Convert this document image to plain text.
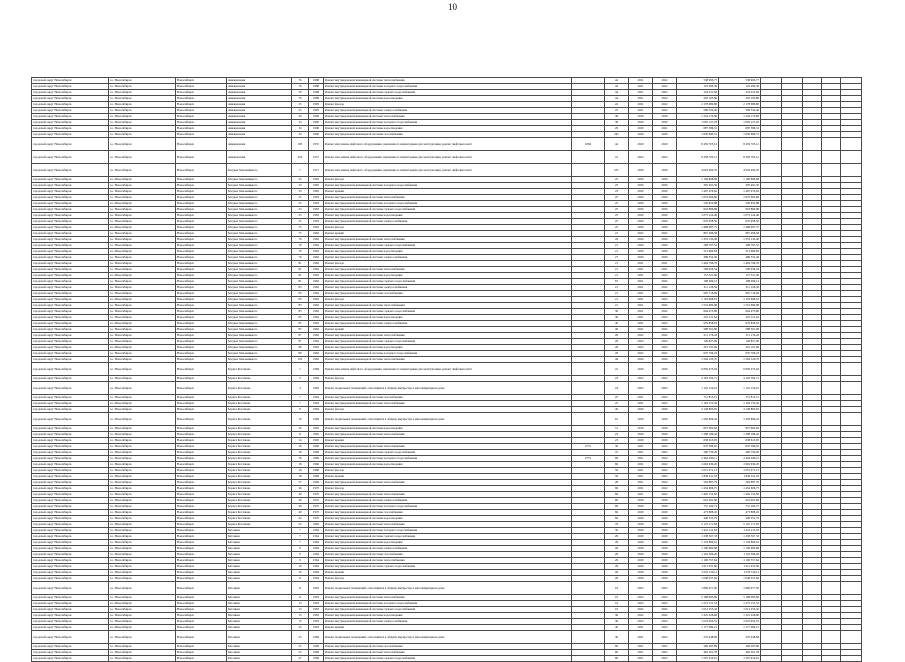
10
городской округ Новосибирск	г.о. Новосибирск	Новосибирск	Авиационная	76	1988	Ремонт внутридомовой инженерной системы теплоснабжения		44	2021	2022	538 993,77	538 993,77					
городской округ Новосибирск	г.о. Новосибирск	Новосибирск	Авиационная	76	1988	Ремонт внутридомовой инженерной системы холодного водоснабжения		44	2021	2022	122 090,39	122 090,39					
городской округ Новосибирск	г.о. Новосибирск	Новосибирск	Авиационная	76	1988	Ремонт внутридомовой инженерной системы горячего водоснабжения		44	2021	2022	224 011,82	224 011,82					
городской округ Новосибирск	г.о. Новосибирск	Новосибирск	Авиационная	76	1988	Ремонт внутридомовой инженерной системы водоотведения		44	2021	2022	203 103,80	203 103,80					
городской округ Новосибирск	г.о. Новосибирск	Новосибирск	Авиационная	25	1995	Ремонт фасада		24	2021	2022	2 178 689,80	2 178 689,80					
городской округ Новосибирск	г.о. Новосибирск	Новосибирск	Авиационная	25	1995	Ремонт внутридомовой инженерной системы электроснабжения		25	2021	2022	566 532,40	566 532,40					
городской округ Новосибирск	г.о. Новосибирск	Новосибирск	Авиационная	34	1990	Ремонт внутридомовой инженерной системы теплоснабжения		38	2020	2020	1 244 170,80	1 244 170,80					
городской округ Новосибирск	г.о. Новосибирск	Новосибирск	Авиационная	34	1990	Ремонт внутридомовой инженерной системы холодного водоснабжения		38	2020	2020	1 005 127,03	1 005 127,03					
городской округ Новосибирск	г.о. Новосибирск	Новосибирск	Авиационная	34	1990	Ремонт внутридомовой инженерной системы водоотведения		29	2020	2021	687 386,31	687 386,31					
городской округ Новосибирск	г.о. Новосибирск	Новосибирск	Авиационная	34	1990	Ремонт внутридомовой инженерной системы газоснабжения		267	2020	2020	1 630 680,72	1 630 680,72					
городской округ Новосибирск	г.о. Новосибирск	Новосибирск	Авиационная	183	1955	Ремонт или замена лифтового оборудования, признанного непригодным для эксплуатации, ремонт лифтовых шахт	1084	44	2020	2020	8 459 703,12	8 459 703,12					
городской округ Новосибирск	г.о. Новосибирск	Новосибирск	Авиационная	203	1957	Ремонт или замена лифтового оборудования, признанного непригодным для эксплуатации, ремонт лифтовых шахт		41	2022	2022	8 458 703,12	8 458 703,12					
городской округ Новосибирск	г.о. Новосибирск	Новосибирск	Богдана Хмельницкого	7	1971	Ремонт или замена лифтового оборудования, признанного непригодным для эксплуатации, ремонт лифтовых шахт		237	2020	2020	4 003 400,70	4 003 400,70					
городской округ Новосибирск	г.о. Новосибирск	Новосибирск	Богдана Хмельницкого	23	1965	Ремонт фасада		25	2020	2020	1 106 868,98	1 106 868,98					
городской округ Новосибирск	г.о. Новосибирск	Новосибирск	Богдана Хмельницкого	23	1965	Ремонт внутридомовой инженерной системы холодного водоснабжения		25	2020	2020	305 491,50	305 491,50					
городской округ Новосибирск	г.о. Новосибирск	Новосибирск	Богдана Хмельницкого	23	1965	Ремонт крыши		23	2020	2020	1 497 470,62	1 497 470,62					
городской округ Новосибирск	г.о. Новосибирск	Новосибирск	Богдана Хмельницкого	25	1963	Ремонт внутридомовой инженерной системы теплоснабжения		25	2020	2020	1 655 064,80	1 655 064,80					
городской округ Новосибирск	г.о. Новосибирск	Новосибирск	Богдана Хмельницкого	25	1963	Ремонт внутридомовой инженерной системы холодного водоснабжения		25	2020	2020	526 652,88	526 652,88					
городской округ Новосибирск	г.о. Новосибирск	Новосибирск	Богдана Хмельницкого	25	1963	Ремонт внутридомовой инженерной системы горячего водоснабжения		25	2020	2020	618 869,98	618 869,98					
городской округ Новосибирск	г.о. Новосибирск	Новосибирск	Богдана Хмельницкого	25	1963	Ремонт внутридомовой инженерной системы водоотведения		25	2020	2020	1 075 122,40	1 075 122,40					
городской округ Новосибирск	г.о. Новосибирск	Новосибирск	Богдана Хмельницкого	25	1963	Ремонт внутридомовой инженерной системы электроснабжения		25	2020	2020	670 958,50	670 958,50					
городской округ Новосибирск	г.о. Новосибирск	Новосибирск	Богдана Хмельницкого	75	1962	Ремонт фасада		25	2020	2020	1 498 987,75	1 498 987,75					
городской округ Новосибирск	г.о. Новосибирск	Новосибирск	Богдана Хмельницкого	75	1962	Ремонт крыши		21	2022	2022	867 496,58	867 496,58					
городской округ Новосибирск	г.о. Новосибирск	Новосибирск	Богдана Хмельницкого	76	1962	Ремонт внутридомовой инженерной системы теплоснабжения		29	2020	2020	1 353 132,40	1 353 132,40					
городской округ Новосибирск	г.о. Новосибирск	Новосибирск	Богдана Хмельницкого	76	1962	Ремонт внутридомовой инженерной системы горячего водоснабжения		21	2020	2020	268 797,52	268 797,52					
городской округ Новосибирск	г.о. Новосибирск	Новосибирск	Богдана Хмельницкого	79	1962	Ремонт внутридомовой инженерной системы водоотведения		21	2020	2020	512 660,83	512 660,83					
городской округ Новосибирск	г.о. Новосибирск	Новосибирск	Богдана Хмельницкого	79	1962	Ремонт внутридомовой инженерной системы электроснабжения		27	2020	2020	486 352,40	486 352,40					
городской округ Новосибирск	г.о. Новосибирск	Новосибирск	Богдана Хмельницкого	81	1962	Ремонт фасада		21	2021	2021	1 494 796,76	1 494 796,76					
городской округ Новосибирск	г.о. Новосибирск	Новосибирск	Богдана Хмельницкого	81	1962	Ремонт внутридомовой инженерной системы теплоснабжения		21	2021	2021	599 056,34	599 056,34					
городской округ Новосибирск	г.о. Новосибирск	Новосибирск	Богдана Хмельницкого	81	1962	Ремонт внутридомовой инженерной системы водоотведения		21	2021	2022	157 321,00	157 321,00					
городской округ Новосибирск	г.о. Новосибирск	Новосибирск	Богдана Хмельницкого	81	1962	Ремонт внутридомовой инженерной системы горячего водоснабжения		67	2021	2022	198 469,12	198 469,12					
городской округ Новосибирск	г.о. Новосибирск	Новосибирск	Богдана Хмельницкого	83	1962	Ремонт внутридомовой инженерной системы электроснабжения		21	2021	2022	311 126,56	311 126,56					
городской округ Новосибирск	г.о. Новосибирск	Новосибирск	Богдана Хмельницкого	83	1962	Ремонт внутридомовой инженерной системы газоснабжения		21	2021	2022	905 716,09	905 716,09					
городской округ Новосибирск	г.о. Новосибирск	Новосибирск	Богдана Хмельницкого	83	1962	Ремонт фасада		21	2021	2022	1 103 698,16	1 103 698,16					
городской округ Новосибирск	г.о. Новосибирск	Новосибирск	Богдана Хмельницкого	83	1962	Ремонт внутридомовой инженерной системы теплоснабжения		21	2021	2022	1 552 684,98	1 552 684,98					
городской округ Новосибирск	г.о. Новосибирск	Новосибирск	Богдана Хмельницкого	85	1962	Ремонт внутридомовой инженерной системы горячего водоснабжения		30	2021	2022	604 473,80	604 473,80					
городской округ Новосибирск	г.о. Новосибирск	Новосибирск	Богдана Хмельницкого	85	1962	Ремонт внутридомовой инженерной системы водоотведения		30	2021	2022	225 121,62	225 121,62					
городской округ Новосибирск	г.о. Новосибирск	Новосибирск	Богдана Хмельницкого	85	1962	Ремонт внутридомовой инженерной системы электроснабжения		40	2021	2022	979 858,03	979 858,03					
городской округ Новосибирск	г.о. Новосибирск	Новосибирск	Богдана Хмельницкого	85	1962	Ремонт крыши		40	2021	2022	588 301,96	588 301,96					
городской округ Новосибирск	г.о. Новосибирск	Новосибирск	Богдана Хмельницкого	87	1962	Ремонт внутридомовой инженерной системы теплоснабжения		29	2022	2022	511 176,43	511 176,43					
городской округ Новосибирск	г.о. Новосибирск	Новосибирск	Богдана Хмельницкого	87	1962	Ремонт внутридомовой инженерной системы горячего водоснабжения		29	2022	2022	149 827,00	149 827,00					
городской округ Новосибирск	г.о. Новосибирск	Новосибирск	Богдана Хмельницкого	89	1962	Ремонт внутридомовой инженерной системы водоотведения		29	2022	2022	201 191,69	201 191,69					
городской округ Новосибирск	г.о. Новосибирск	Новосибирск	Богдана Хмельницкого	89	1962	Ремонт внутридомовой инженерной системы холодного водоснабжения		29	2022	2022	670 796,23	670 796,23					
городской округ Новосибирск	г.о. Новосибирск	Новосибирск	Богдана Хмельницкого	105	1962	Ремонт внутридомовой инженерной системы теплоснабжения		49	2020	2020	1 594 120,70	1 594 120,70					
городской округ Новосибирск	г.о. Новосибирск	Новосибирск	Бориса Богаткова	1	1969	Ремонт или замена лифтового оборудования, признанного непригодным для эксплуатации, ремонт лифтовых шахт		41	2020	2020	6 850 075,94	6 850 075,94					
городской округ Новосибирск	г.о. Новосибирск	Новосибирск	Бориса Богаткова	3	1982	Ремонт фасада		23	2022	2022	4 163 762,71	4 163 762,71					
городской округ Новосибирск	г.о. Новосибирск	Новосибирск	Бориса Богаткова	3	1962	Ремонт подвальных помещений, относящихся к общему имуществу в многоквартирном доме		24	2022	2022	1 122 154,91	1 122 154,91					
городской округ Новосибирск	г.о. Новосибирск	Новосибирск	Бориса Богаткова	7	1964	Ремонт внутридомовой инженерной системы газоснабжения		25	2021	2022	751 815,15	751 815,15					
городской округ Новосибирск	г.о. Новосибирск	Новосибирск	Бориса Богаткова	7	1964	Ремонт внутридомовой инженерной системы теплоснабжения		25	2021	2022	1 164 153,42	1 164 153,42					
городской округ Новосибирск	г.о. Новосибирск	Новосибирск	Бориса Богаткова	8	1964	Ремонт фасада		49	2020	2020	4 148 863,95	4 148 863,95					
городской округ Новосибирск	г.о. Новосибирск	Новосибирск	Бориса Богаткова	10	1966	Ремонт подвальных помещений, относящихся к общему имуществу в многоквартирном доме		81	2020	2020	1 456 806,42	1 456 806,42					
городской округ Новосибирск	г.о. Новосибирск	Новосибирск	Бориса Богаткова	10	1965	Ремонт внутридомовой инженерной системы водоотведения		51	2019	2020	827 962,82	827 962,82					
городской округ Новосибирск	г.о. Новосибирск	Новосибирск	Бориса Богаткова	11	1965	Ремонт внутридомовой инженерной системы теплоснабжения		23	2020	2020	1 308 186,42	1 308 186,42					
городской округ Новосибирск	г.о. Новосибирск	Новосибирск	Бориса Богаткова	14	1965	Ремонт крыши		23	2020	2020	638 613,95	638 613,95					
городской округ Новосибирск	г.о. Новосибирск	Новосибирск	Бориса Богаткова	16	1966	Ремонт внутридомовой инженерной системы теплоснабжения	2772	30	2021	2022	670 399,05	670 399,05					
городской округ Новосибирск	г.о. Новосибирск	Новосибирск	Бориса Богаткова	16	1966	Ремонт внутридомовой инженерной системы горячего водоснабжения		47	2021	2022	260 759,20	260 759,20					
городской округ Новосибирск	г.о. Новосибирск	Новосибирск	Бориса Богаткова	16	1966	Ремонт внутридомовой инженерной системы холодного водоснабжения	2772	69	2021	2022	2 464 940,11	2 464 940,11					
городской округ Новосибирск	г.о. Новосибирск	Новосибирск	Бориса Богаткова	18	1966	Ремонт внутридомовой инженерной системы водоотведения		69	2021	2022	1 692 630,20	1 692 630,20					
городской округ Новосибирск	г.о. Новосибирск	Новосибирск	Бориса Богаткова	18	1966	Ремонт фасада		59	2021	2022	1 051 471,13	1 051 471,13					
городской округ Новосибирск	г.о. Новосибирск	Новосибирск	Бориса Богаткова	18	1966	Ремонт крыши		59	2021	2022	1 849 611,18	1 849 611,18					
городской округ Новосибирск	г.о. Новосибирск	Новосибирск	Бориса Богаткова	27	1966	Ремонт внутридомовой инженерной системы теплоснабжения		28	2021	2022	594 887,79	594 887,79					
городской округ Новосибирск	г.о. Новосибирск	Новосибирск	Бориса Богаткова	40	1970	Ремонт фасада		69	2021	2022	1 434 606,75	1 434 606,75					
городской округ Новосибирск	г.о. Новосибирск	Новосибирск	Бориса Богаткова	40	1970	Ремонт внутридомовой инженерной системы теплоснабжения		69	2021	2022	1 402 152,82	1 402 152,82					
городской округ Новосибирск	г.о. Новосибирск	Новосибирск	Бориса Богаткова	40	1970	Ремонт внутридомовой инженерной системы электроснабжения		69	2020	2020	622 461,60	622 461,60					
городской округ Новосибирск	г.о. Новосибирск	Новосибирск	Бориса Богаткова	40	1970	Ремонт внутридомовой инженерной системы холодного водоснабжения		69	2020	2020	731 162,75	731 162,75					
городской округ Новосибирск	г.о. Новосибирск	Новосибирск	Бориса Богаткова	40	1970	Ремонт внутридомовой инженерной системы газоснабжения		69	2020	2020	473 808,45	473 808,45					
городской округ Новосибирск	г.о. Новосибирск	Новосибирск	Бориса Богаткова	44	1970	Ремонт внутридомовой инженерной системы водоотведения		69	2020	2020	446 351,79	446 351,79					
городской округ Новосибирск	г.о. Новосибирск	Новосибирск	Бориса Богаткова	53	1982	Ремонт внутридомовой инженерной системы теплоснабжения		79	2020	2020	5 147 171,83	5 147 171,83					
городской округ Новосибирск	г.о. Новосибирск	Новосибирск	Бетонная	7	1964	Ремонт внутридомовой инженерной системы холодного водоснабжения		30	2020	2020	1 431 211,63	1 431 211,63					
городской округ Новосибирск	г.о. Новосибирск	Новосибирск	Бетонная	7	1964	Ремонт внутридомовой инженерной системы горячего водоснабжения		29	2020	2020	1 238 567,33	1 238 567,33					
городской округ Новосибирск	г.о. Новосибирск	Новосибирск	Бетонная	7	1964	Ремонт внутридомовой инженерной системы водоотведения		29	2020	2020	1 143 860,10	1 143 860,10					
городской округ Новосибирск	г.о. Новосибирск	Новосибирск	Бетонная	8	1964	Ремонт внутридомовой инженерной системы электроснабжения		29	2020	2020	1 100 960,98	1 100 960,98					
городской округ Новосибирск	г.о. Новосибирск	Новосибирск	Бетонная	8	1964	Ремонт внутридомовой инженерной системы газоснабжения		29	2020	2020	1 116 566,20	1 116 566,20					
городской округ Новосибирск	г.о. Новосибирск	Новосибирск	Бетонная	9	1964	Ремонт внутридомовой инженерной системы теплоснабжения		29	2020	2020	1 100 557,64	1 100 557,64					
городской округ Новосибирск	г.о. Новосибирск	Новосибирск	Бетонная	10	1964	Ремонт внутридомовой инженерной системы горячего водоснабжения		29	2020	2020	1 011 931,60	1 011 931,60					
городской округ Новосибирск	г.о. Новосибирск	Новосибирск	Бетонная	10	1964	Ремонт крыши		29	2020	2020	1 033 316,11	1 033 316,11					
городской округ Новосибирск	г.о. Новосибирск	Новосибирск	Бетонная	11	1964	Ремонт фасада		29	2020	2020	1 048 357,94	1 048 357,94					
городской округ Новосибирск	г.о. Новосибирск	Новосибирск	Бетонная	11	1963	Ремонт подвальных помещений, относящихся к общему имуществу в многоквартирном доме		19	2022	2022	1 800 077,50	1 800 077,50					
городской округ Новосибирск	г.о. Новосибирск	Новосибирск	Бетонная	11	1963	Ремонт внутридомовой инженерной системы теплоснабжения		19	2022	2022	5 188 985,60	5 188 985,60					
городской округ Новосибирск	г.о. Новосибирск	Новосибирск	Бетонная	13	1963	Ремонт внутридомовой инженерной системы холодного водоснабжения		19	2022	2022	1 272 151,53	1 272 151,53					
городской округ Новосибирск	г.о. Новосибирск	Новосибирск	Бетонная	13	1963	Ремонт внутридомовой инженерной системы горячего водоснабжения		19	2022	2022	1 012 253,42	1 012 253,42					
городской округ Новосибирск	г.о. Новосибирск	Новосибирск	Бетонная	15	1963	Ремонт внутридомовой инженерной системы водоотведения		30	2022	2022	1 325 226,60	1 325 226,60					
городской округ Новосибирск	г.о. Новосибирск	Новосибирск	Бетонная	15	1963	Ремонт внутридомовой инженерной системы электроснабжения		30	2022	2022	1 022 954,55	1 022 954,55					
городской округ Новосибирск	г.о. Новосибирск	Новосибирск	Бетонная	23	1963	Ремонт крыши		40	2021	2022	1 177 084,21	1 177 084,21					
городской округ Новосибирск	г.о. Новосибирск	Новосибирск	Бетонная	23	1966	Ремонт подвальных помещений, относящихся к общему имуществу в многоквартирном доме		30	2021	2022	270 448,66	270 448,66					
городской округ Новосибирск	г.о. Новосибирск	Новосибирск	Бетонная	25	1966	Ремонт внутридомовой инженерной системы газоснабжения		69	2021	2022	209 287,89	209 287,89					
городской округ Новосибирск	г.о. Новосибирск	Новосибирск	Бетонная	25	1966	Ремонт внутридомовой инженерной системы теплоснабжения		69	2021	2022	462 301,78	462 301,78					
городской округ Новосибирск	г.о. Новосибирск	Новосибирск	Бетонная	27	1966	Ремонт внутридомовой инженерной системы горячего водоснабжения		69	2021	2022	1 597 910,91	1 597 910,91					
